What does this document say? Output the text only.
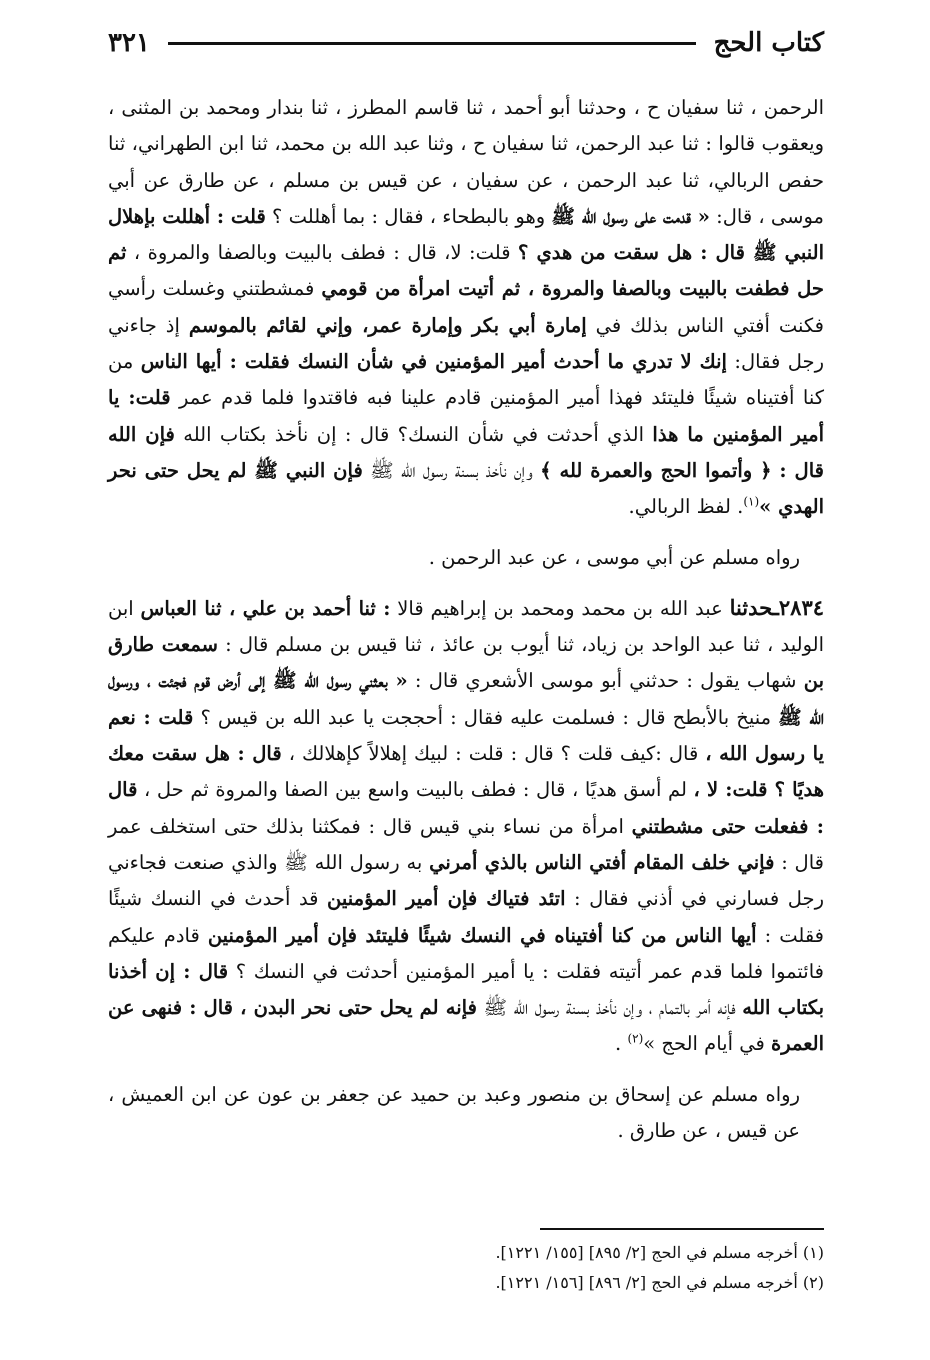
كتاب الحج
٣٢١

الرحمن ، ثنا سفيان ح ، وحدثنا أبو أحمد ، ثنا قاسم المطرز ، ثنا بندار ومحمد بن المثنى ، ويعقوب قالوا : ثنا عبد الرحمن، ثنا سفيان ح ، وثنا عبد الله بن محمد، ثنا ابن الطهراني، ثنا حفص الربالي، ثنا عبد الرحمن ، عن سفيان ، عن قيس بن مسلم ، عن طارق عن أبي موسى ، قال: « قدمت على رسول الله ﷺ وهو بالبطحاء ، فقال : بما أهللت ؟ قلت : أهللت بإهلال النبي ﷺ قال : هل سقت من هدي ؟ قلت: لا، قال : فطف بالبيت وبالصفا والمروة ، ثم حل فطفت بالبيت وبالصفا والمروة ، ثم أتيت امرأة من قومي فمشطتني وغسلت رأسي فكنت أفتي الناس بذلك في إمارة أبي بكر وإمارة عمر، وإني لقائم بالموسم إذ جاءني رجل فقال: إنك لا تدري ما أحدث أمير المؤمنين في شأن النسك فقلت : أيها الناس من كنا أفتيناه شيئًا فليتئد فهذا أمير المؤمنين قادم علينا فبه فاقتدوا فلما قدم عمر قلت: يا أمير المؤمنين ما هذا الذي أحدثت في شأن النسك؟ قال : إن نأخذ بكتاب الله فإن الله قال : ﴿ وأتموا الحج والعمرة لله ﴾ وإن نأخذ بسنة رسول الله ﷺ فإن النبي ﷺ لم يحل حتى نحر الهدي »$^{(١)}$. لفظ الربالي.

رواه مسلم عن أبي موسى ، عن عبد الرحمن .

٢٨٣٤ـحدثنا عبد الله بن محمد ومحمد بن إبراهيم قالا : ثنا أحمد بن علي ، ثنا العباس ابن الوليد ، ثنا عبد الواحد بن زياد، ثنا أيوب بن عائذ ، ثنا قيس بن مسلم قال : سمعت طارق بن شهاب يقول : حدثني أبو موسى الأشعري قال : « بعثني رسول الله ﷺ إلى أرض قوم فجئت ، ورسول الله ﷺ منيخ بالأبطح قال : فسلمت عليه فقال : أحججت يا عبد الله بن قيس ؟ قلت : نعم يا رسول الله ، قال :كيف قلت ؟ قال : قلت : لبيك إهلالاً كإهلالك ، قال : هل سقت معك هديًا ؟ قلت: لا ، لم أسق هديًا ، قال : فطف بالبيت واسع بين الصفا والمروة ثم حل ، قال : ففعلت حتى مشطتني امرأة من نساء بني قيس قال : فمكثنا بذلك حتى استخلف عمر قال : فإني خلف المقام أفتي الناس بالذي أمرني به رسول الله ﷺ والذي صنعت فجاءني رجل فسارني في أذني فقال : اتئد فتياك فإن أمير المؤمنين قد أحدث في النسك شيئًا فقلت : أيها الناس من كنا أفتيناه في النسك شيئًا فليتئد فإن أمير المؤمنين قادم عليكم فائتموا فلما قدم عمر أتيته فقلت : يا أمير المؤمنين أحدثت في النسك ؟ قال : إن أخذنا بكتاب الله فإنه أمر بالتمام ، وإن نأخذ بسنة رسول الله ﷺ فإنه لم يحل حتى نحر البدن ، قال : فنهى عن العمرة في أيام الحج »$^{(٢)}$ .

رواه مسلم عن إسحاق بن منصور وعبد بن حميد عن جعفر بن عون عن ابن العميش ، عن قيس ، عن طارق .

(١) أخرجه مسلم في الحج [٢/ ٨٩٥] [١٥٥/ ١٢٢١].

(٢) أخرجه مسلم في الحج [٢/ ٨٩٦] [١٥٦/ ١٢٢١].
